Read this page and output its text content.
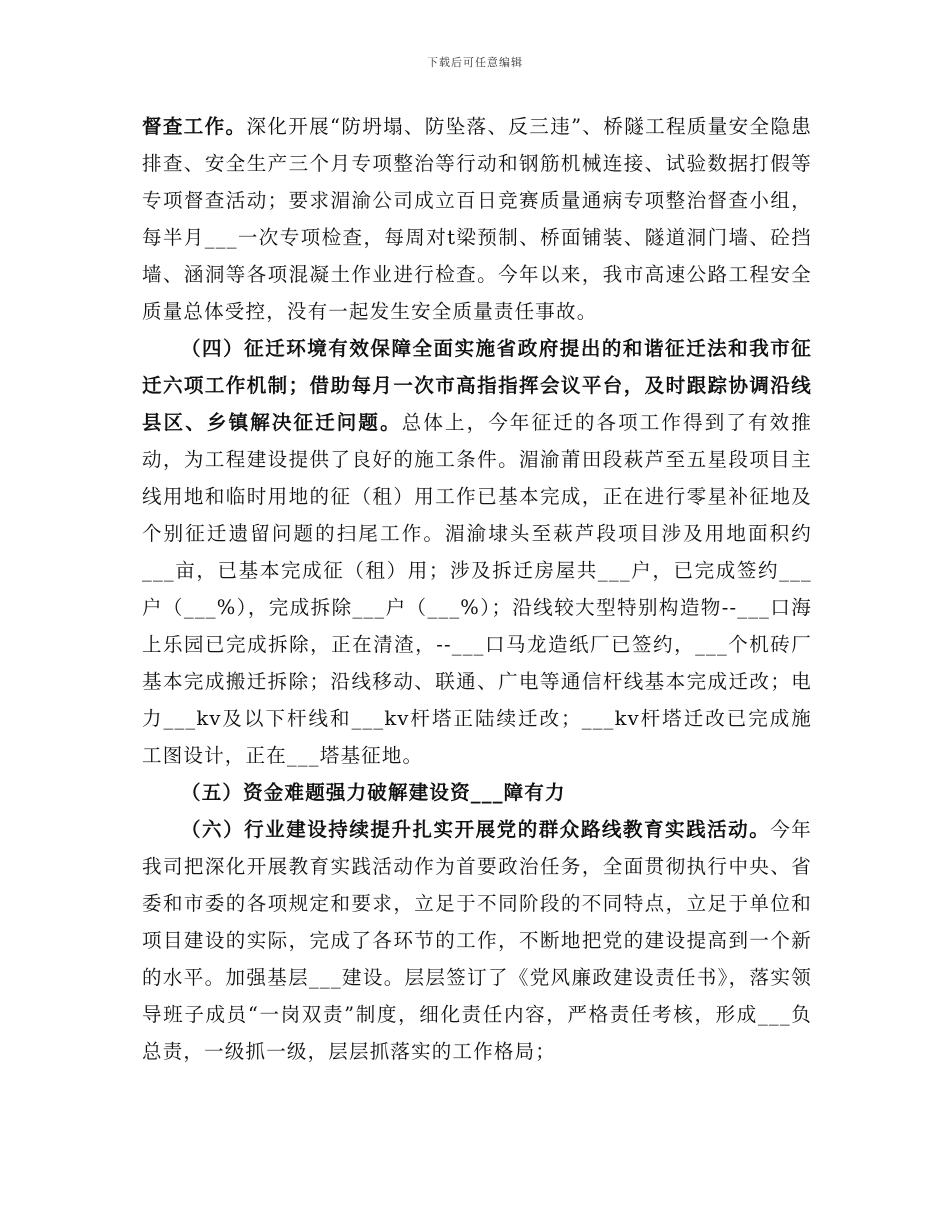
下载后可任意编辑

督查工作。深化开展“防坍塌、防坠落、反三违”、桥隧工程质量安全隐患排查、安全生产三个月专项整治等行动和钢筋机械连接、试验数据打假等专项督查活动；要求湄渝公司成立百日竞赛质量通病专项整治督查小组，每半月___一次专项检查，每周对t梁预制、桥面铺装、隧道洞门墙、砼挡墙、涵洞等各项混凝土作业进行检查。今年以来，我市高速公路工程安全质量总体受控，没有一起发生安全质量责任事故。

（四）征迁环境有效保障全面实施省政府提出的和谐征迁法和我市征迁六项工作机制；借助每月一次市高指指挥会议平台，及时跟踪协调沿线县区、乡镇解决征迁问题。总体上，今年征迁的各项工作得到了有效推动，为工程建设提供了良好的施工条件。湄渝莆田段萩芦至五星段项目主线用地和临时用地的征（租）用工作已基本完成，正在进行零星补征地及个别征迁遗留问题的扫尾工作。湄渝埭头至萩芦段项目涉及用地面积约___亩，已基本完成征（租）用；涉及拆迁房屋共___户，已完成签约___户（___%），完成拆除___户（___%）；沿线较大型特别构造物--___口海上乐园已完成拆除，正在清渣，--___口马龙造纸厂已签约，___个机砖厂基本完成搬迁拆除；沿线移动、联通、广电等通信杆线基本完成迁改；电力___kv及以下杆线和___kv杆塔正陆续迁改；___kv杆塔迁改已完成施工图设计，正在___塔基征地。

（五）资金难题强力破解建设资___障有力

（六）行业建设持续提升扎实开展党的群众路线教育实践活动。今年我司把深化开展教育实践活动作为首要政治任务，全面贯彻执行中央、省委和市委的各项规定和要求，立足于不同阶段的不同特点，立足于单位和项目建设的实际，完成了各环节的工作，不断地把党的建设提高到一个新的水平。加强基层___建设。层层签订了《党风廉政建设责任书》，落实领导班子成员“一岗双责”制度，细化责任内容，严格责任考核，形成___负总责，一级抓一级，层层抓落实的工作格局；
